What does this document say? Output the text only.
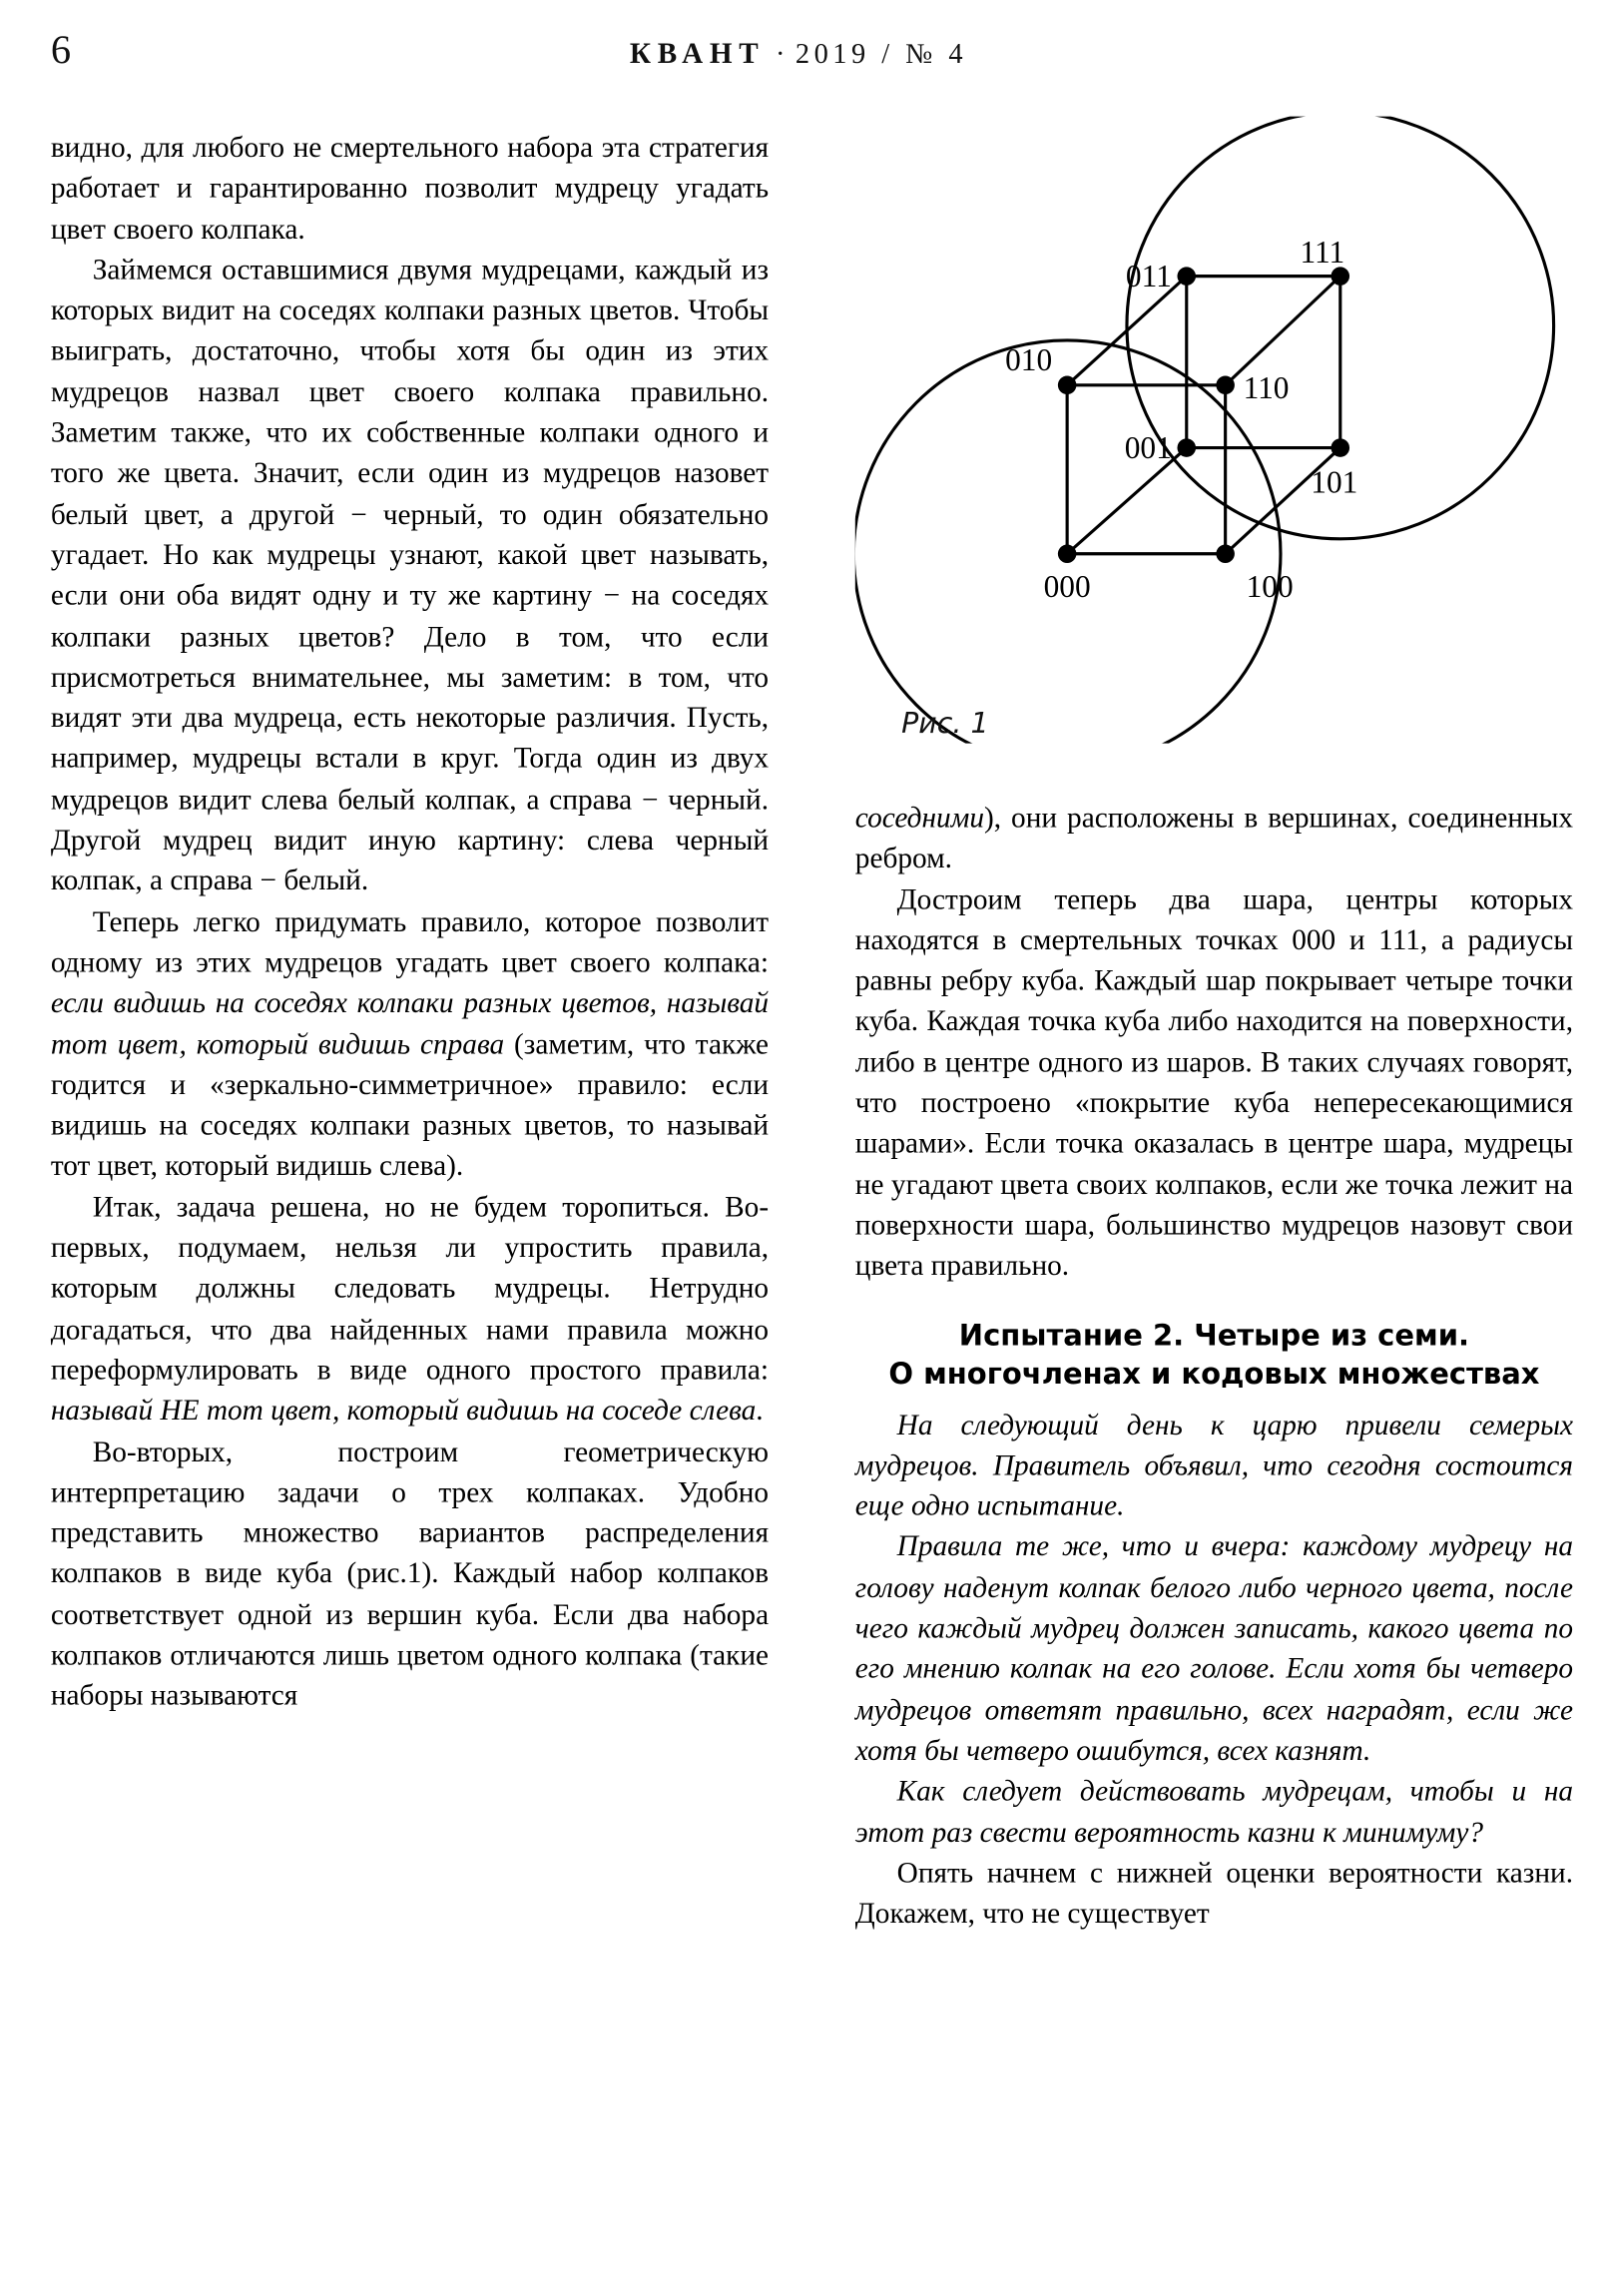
6	КВАНТ · 2019 / № 4
011
111
010
110
001
101
000	100
Рис. 1

видно, для любого не смертельного набора эта стратегия работает и гарантированно позволит мудрецу угадать цвет своего колпака.

Займемся оставшимися двумя мудрецами, каждый из которых видит на соседях колпаки разных цветов. Чтобы выиграть, достаточно, чтобы хотя бы один из этих мудрецов назвал цвет своего колпака правильно. Заметим также, что их собственные колпаки одного и того же цвета. Значит, если один из мудрецов назовет белый цвет, а другой − черный, то один обязательно угадает. Но как мудрецы узнают, какой цвет называть, если они оба видят одну и ту же картину − на соседях колпаки разных цветов? Дело в том, что если присмотреться внимательнее, мы заметим: в том, что видят эти два мудреца, есть некоторые различия. Пусть, например, мудрецы встали в круг. Тогда один из двух мудрецов видит слева белый колпак, а справа − черный. Другой мудрец видит иную картину: слева черный колпак, а справа − белый.

Теперь легко придумать правило, которое позволит одному из этих мудрецов угадать цвет своего колпака: если видишь на соседях колпаки разных цветов, называй тот цвет, который видишь справа (заметим, что также годится и «зеркально-симметричное» правило: если видишь на соседях колпаки разных цветов, то называй тот цвет, который видишь слева).

Итак, задача решена, но не будем торопиться. Во-первых, подумаем, нельзя ли упростить правила, которым должны следовать мудрецы. Нетрудно догадаться, что два найденных нами правила можно переформулировать в виде одного простого правила: называй НЕ тот цвет, который видишь на соседе слева.

Во-вторых, построим геометрическую интерпретацию задачи о трех колпаках. Удобно представить множество вариантов распределения колпаков в виде куба (рис.1). Каждый набор колпаков соответствует одной из вершин куба. Если два набора колпаков отличаются лишь цветом одного колпака (такие наборы называются

соседними), они расположены в вершинах, соединенных ребром.

Достроим теперь два шара, центры которых находятся в смертельных точках 000 и 111, а радиусы равны ребру куба. Каждый шар покрывает четыре точки куба. Каждая точка куба либо находится на поверхности, либо в центре одного из шаров. В таких случаях говорят, что построено «покрытие куба непересекающимися шарами». Если точка оказалась в центре шара, мудрецы не угадают цвета своих колпаков, если же точка лежит на поверхности шара, большинство мудрецов назовут свои цвета правильно.

Испытание 2. Четыре из семи.
О многочленах и кодовых множествах

На следующий день к царю привели семерых мудрецов. Правитель объявил, что сегодня состоится еще одно испытание.

Правила те же, что и вчера: каждому мудрецу на голову наденут колпак белого либо черного цвета, после чего каждый мудрец должен записать, какого цвета по его мнению колпак на его голове. Если хотя бы четверо мудрецов ответят правильно, всех наградят, если же хотя бы четверо ошибутся, всех казнят.

Как следует действовать мудрецам, чтобы и на этот раз свести вероятность казни к минимуму?

Опять начнем с нижней оценки вероятности казни. Докажем, что не существует
